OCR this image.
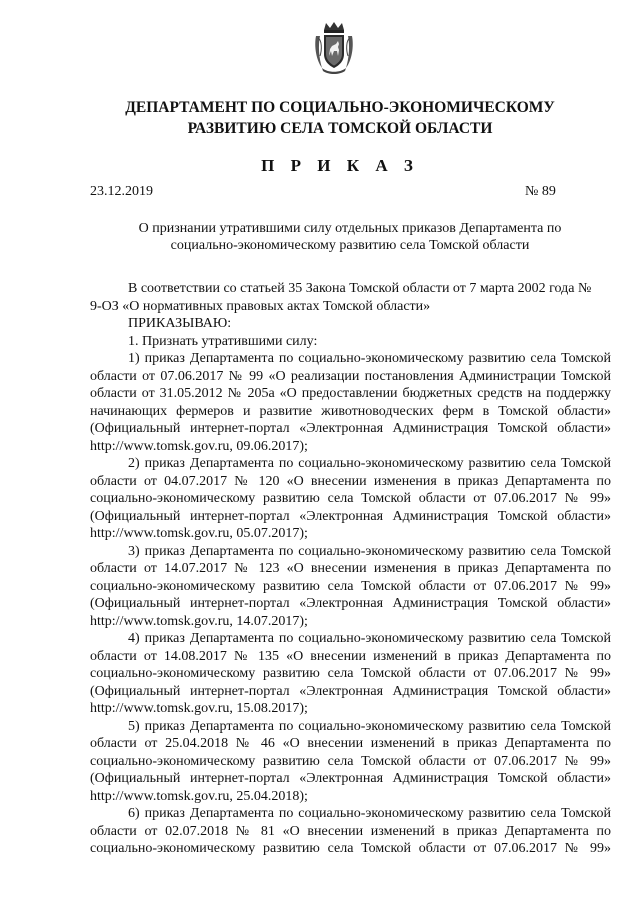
ДЕПАРТАМЕНТ ПО СОЦИАЛЬНО-ЭКОНОМИЧЕСКОМУ
РАЗВИТИЮ СЕЛА ТОМСКОЙ ОБЛАСТИ
П Р И К А З
23.12.2019	№ 89
О признании утратившими силу отдельных приказов Департамента по
социально-экономическому развитию села Томской области
В соответствии со статьей 35 Закона Томской области от 7 марта 2002 года №
9-ОЗ «О нормативных правовых актах Томской области»
ПРИКАЗЫВАЮ:
1. Признать утратившими силу:
1) приказ Департамента по социально-экономическому развитию села Томской
области от 07.06.2017 № 99 «О реализации постановления Администрации Томской
области от 31.05.2012 № 205а «О предоставлении бюджетных средств на поддержку
начинающих фермеров и развитие животноводческих ферм в Томской области»
(Официальный интернет-портал «Электронная Администрация Томской области»
http://www.tomsk.gov.ru, 09.06.2017);
2) приказ Департамента по социально-экономическому развитию села Томской
области от 04.07.2017 № 120 «О внесении изменения в приказ Департамента по
социально-экономическому развитию села Томской области от 07.06.2017 № 99»
(Официальный интернет-портал «Электронная Администрация Томской области»
http://www.tomsk.gov.ru, 05.07.2017);
3) приказ Департамента по социально-экономическому развитию села Томской
области от 14.07.2017 № 123 «О внесении изменения в приказ Департамента по
социально-экономическому развитию села Томской области от 07.06.2017 № 99»
(Официальный интернет-портал «Электронная Администрация Томской области»
http://www.tomsk.gov.ru, 14.07.2017);
4) приказ Департамента по социально-экономическому развитию села Томской
области от 14.08.2017 № 135 «О внесении изменений в приказ Департамента по
социально-экономическому развитию села Томской области от 07.06.2017 № 99»
(Официальный интернет-портал «Электронная Администрация Томской области»
http://www.tomsk.gov.ru, 15.08.2017);
5) приказ Департамента по социально-экономическому развитию села Томской
области от 25.04.2018 № 46 «О внесении изменений в приказ Департамента по
социально-экономическому развитию села Томской области от 07.06.2017 № 99»
(Официальный интернет-портал «Электронная Администрация Томской области»
http://www.tomsk.gov.ru, 25.04.2018);
6) приказ Департамента по социально-экономическому развитию села Томской
области от 02.07.2018 № 81 «О внесении изменений в приказ Департамента по
социально-экономическому развитию села Томской области от 07.06.2017 № 99»
